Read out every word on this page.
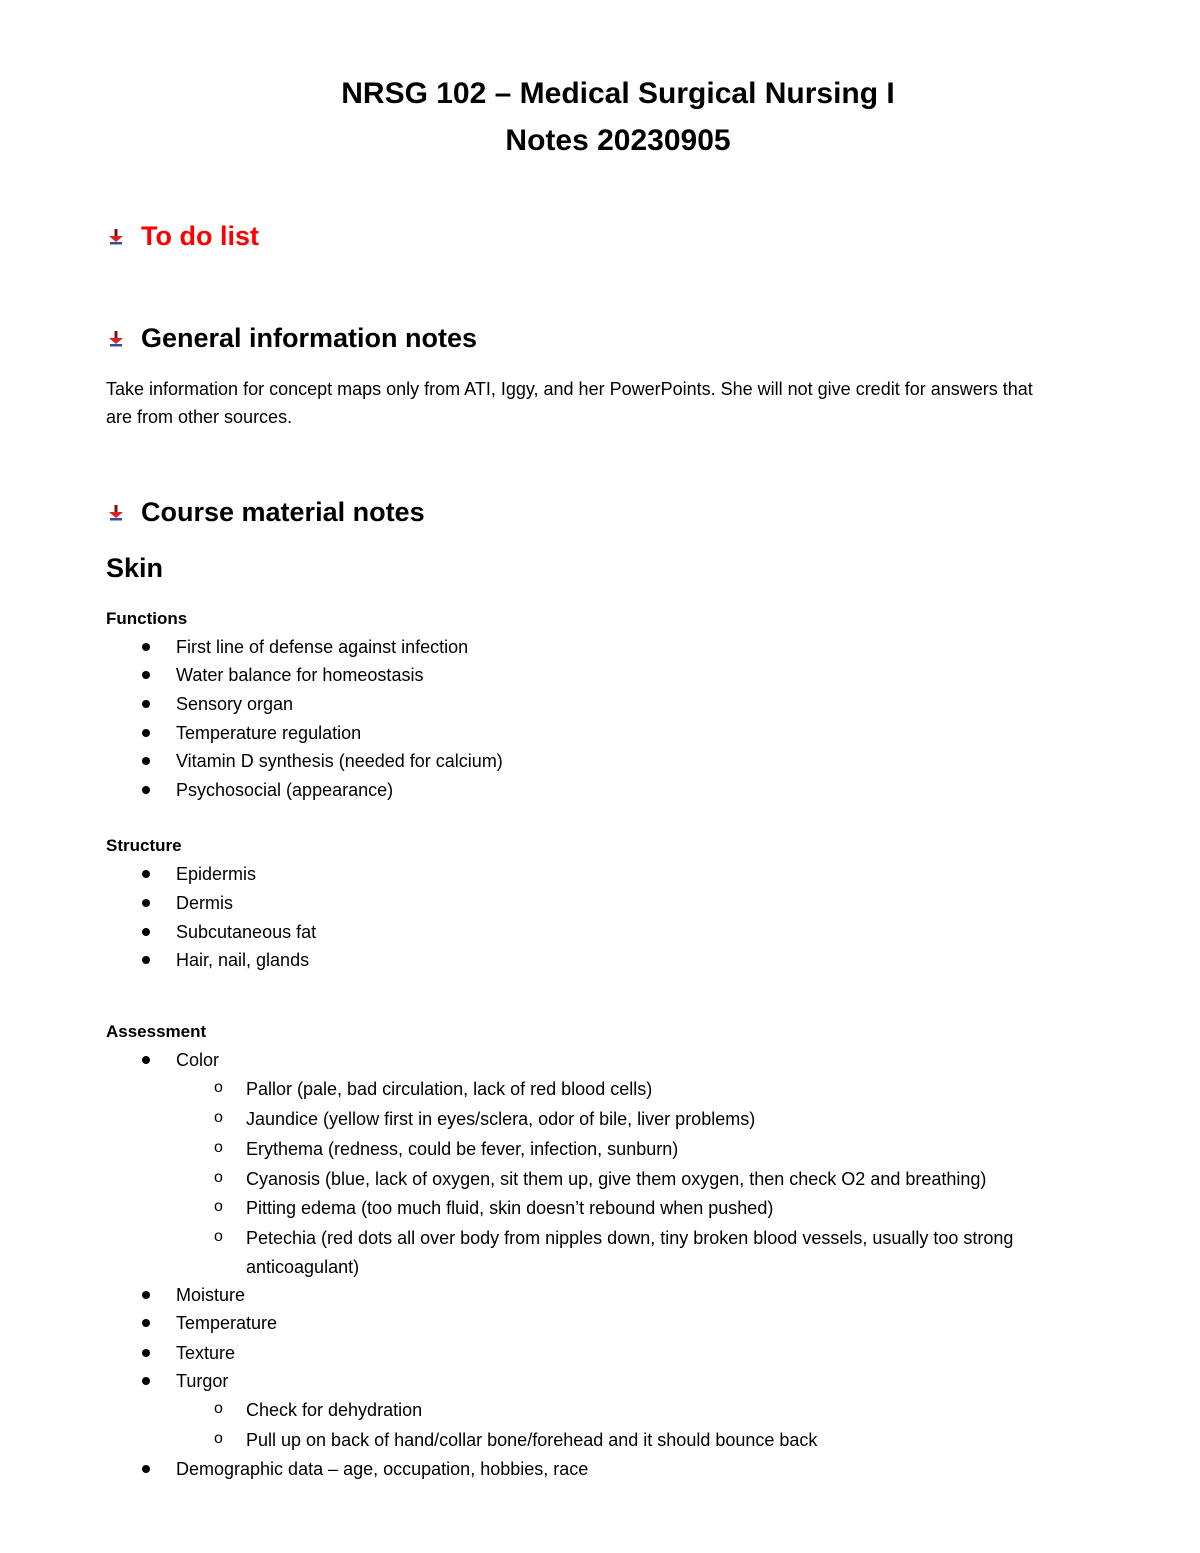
NRSG 102 – Medical Surgical Nursing I
Notes 20230905
To do list
General information notes
Take information for concept maps only from ATI, Iggy, and her PowerPoints. She will not give credit for answers that
are from other sources.
Course material notes
Skin
Functions
First line of defense against infection
Water balance for homeostasis
Sensory organ
Temperature regulation
Vitamin D synthesis (needed for calcium)
Psychosocial (appearance)
Structure
Epidermis
Dermis
Subcutaneous fat
Hair, nail, glands
Assessment
Color
o Pallor (pale, bad circulation, lack of red blood cells)
o Jaundice (yellow first in eyes/sclera, odor of bile, liver problems)
o Erythema (redness, could be fever, infection, sunburn)
o Cyanosis (blue, lack of oxygen, sit them up, give them oxygen, then check O2 and breathing)
o Pitting edema (too much fluid, skin doesn’t rebound when pushed)
o Petechia (red dots all over body from nipples down, tiny broken blood vessels, usually too strong
anticoagulant)
Moisture
Temperature
Texture
Turgor
o Check for dehydration
o Pull up on back of hand/collar bone/forehead and it should bounce back
Demographic data – age, occupation, hobbies, race
